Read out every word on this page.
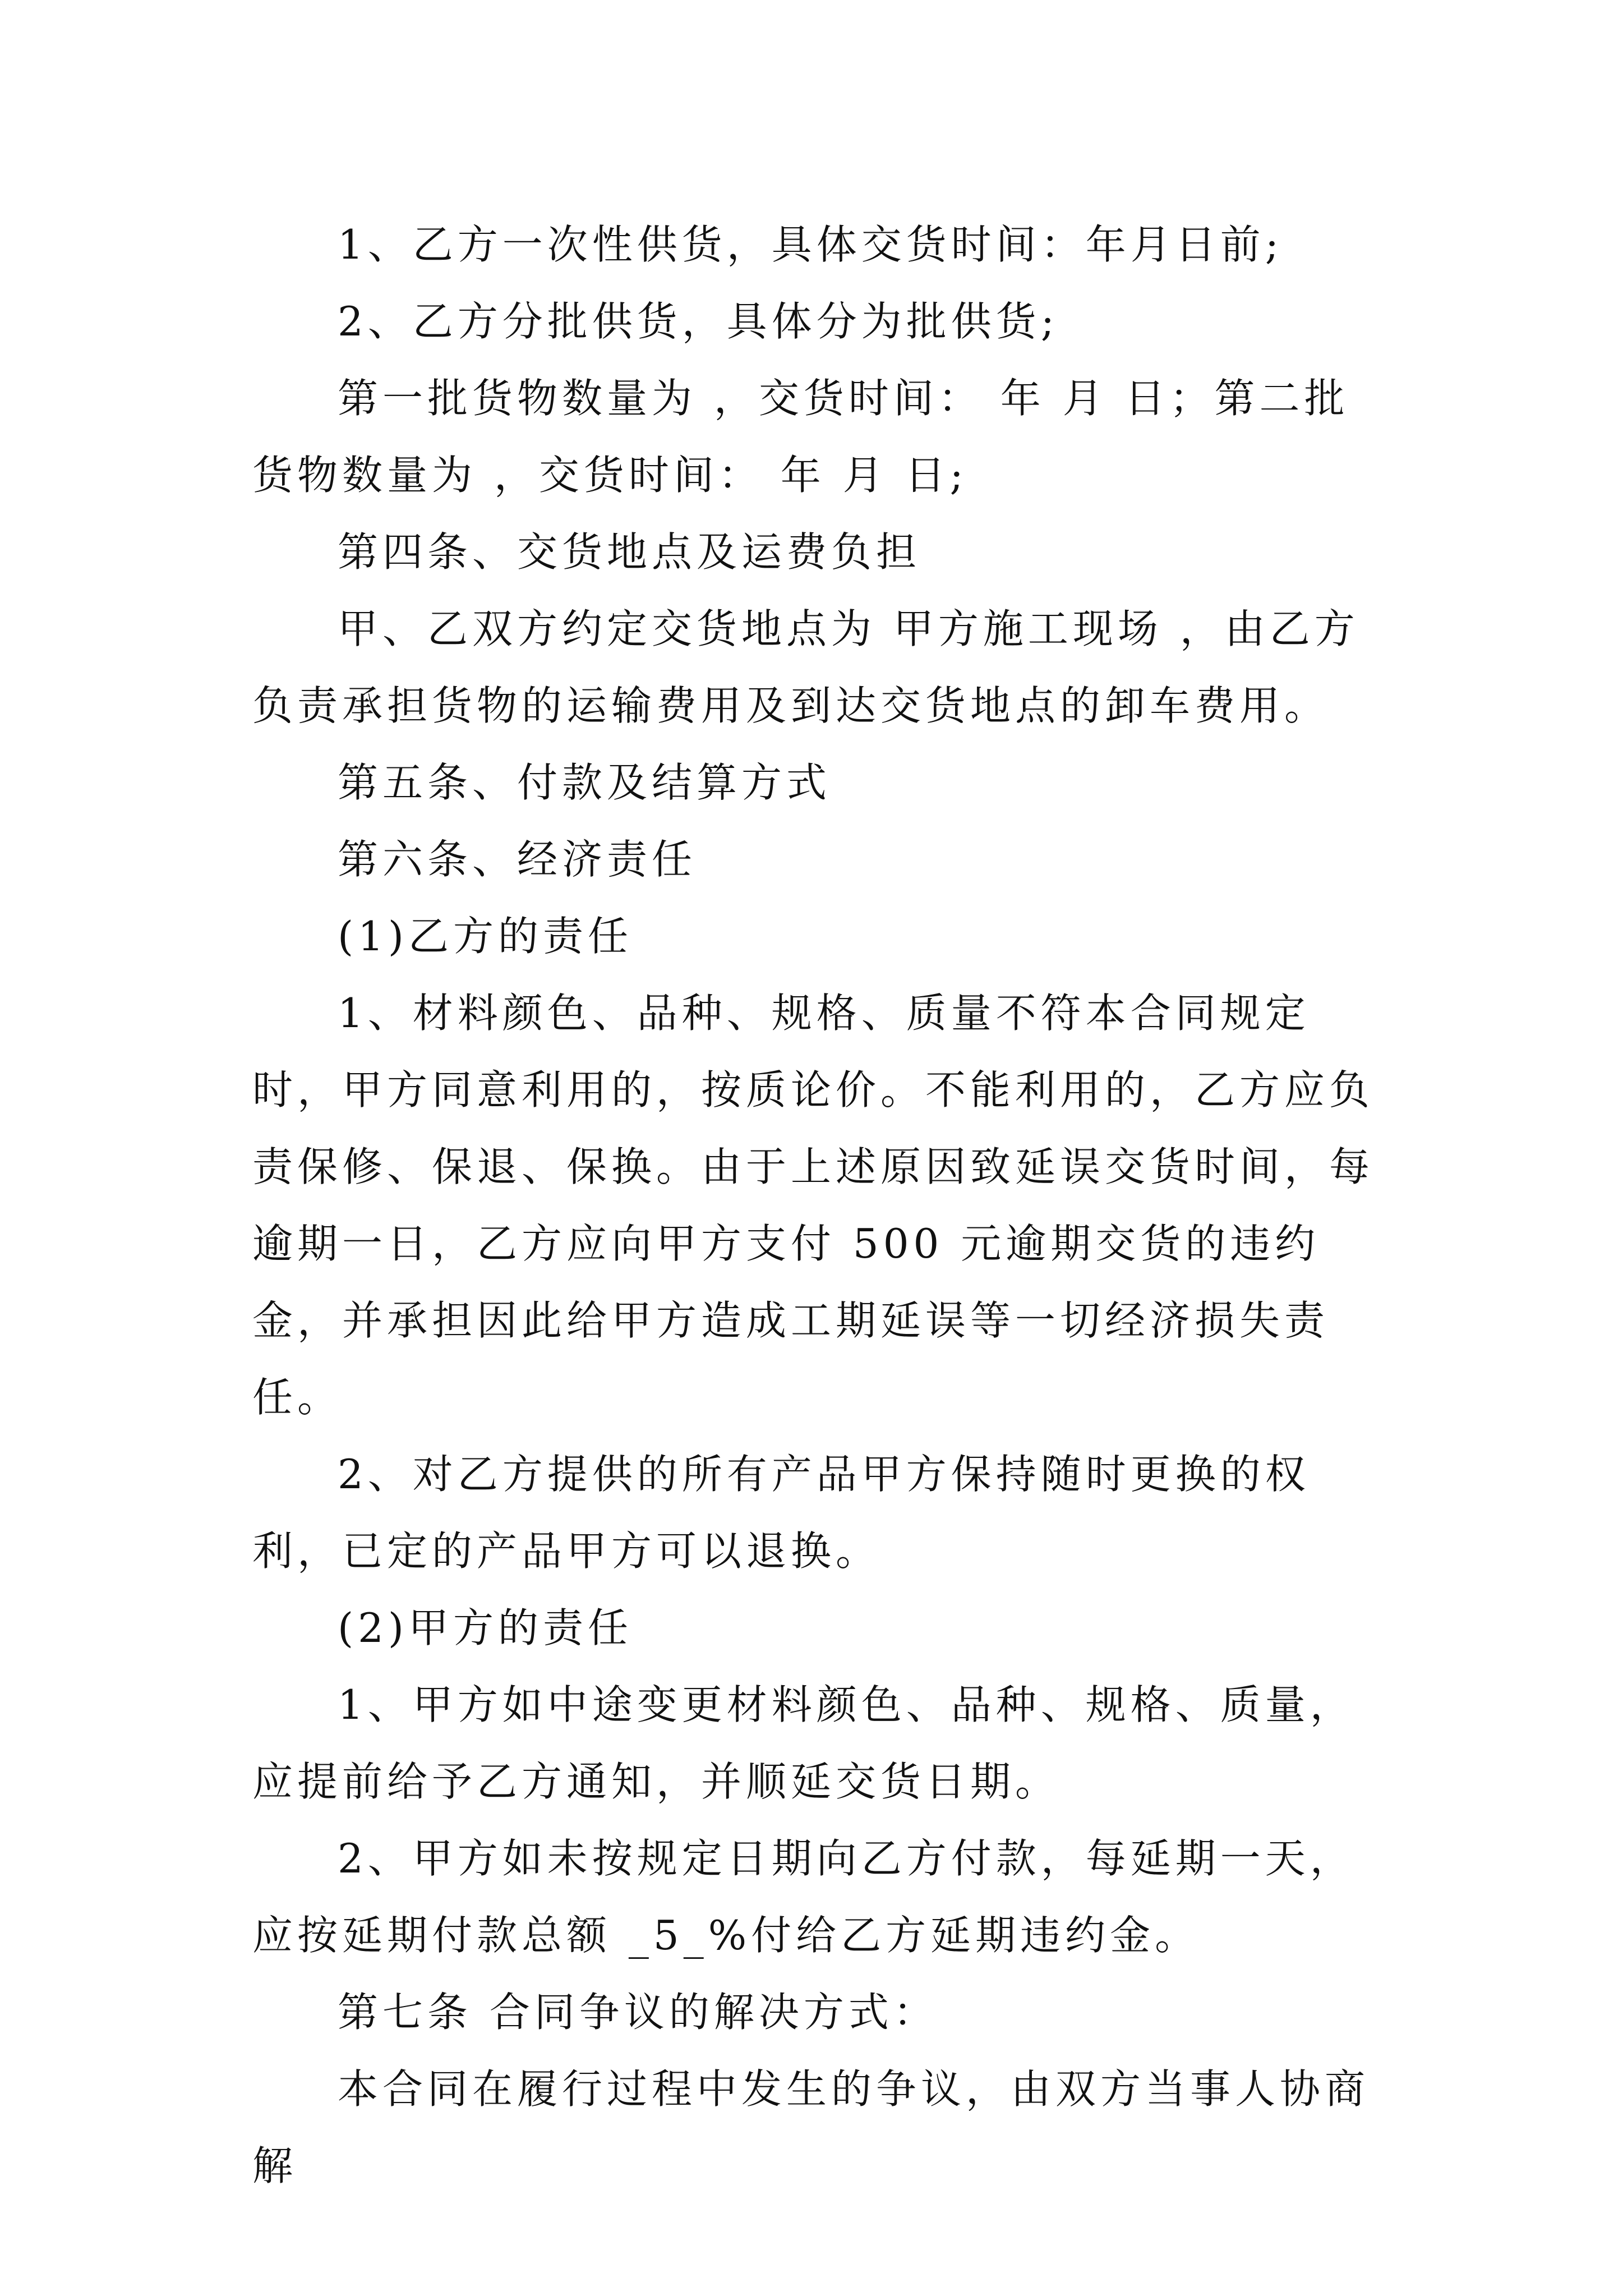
1、乙方一次性供货，具体交货时间：年月日前;

2、乙方分批供货，具体分为批供货;

第一批货物数量为 ，交货时间： 年 月 日；第二批货物数量为 ，交货时间： 年 月 日;

第四条、交货地点及运费负担

甲、乙双方约定交货地点为 甲方施工现场 ，由乙方负责承担货物的运输费用及到达交货地点的卸车费用。

第五条、付款及结算方式

第六条、经济责任

(1)乙方的责任

1、材料颜色、品种、规格、质量不符本合同规定时，甲方同意利用的，按质论价。不能利用的，乙方应负责保修、保退、保换。由于上述原因致延误交货时间，每逾期一日，乙方应向甲方支付 500 元逾期交货的违约金，并承担因此给甲方造成工期延误等一切经济损失责任。

2、对乙方提供的所有产品甲方保持随时更换的权利，已定的产品甲方可以退换。

(2)甲方的责任

1、甲方如中途变更材料颜色、品种、规格、质量，应提前给予乙方通知，并顺延交货日期。

2、甲方如未按规定日期向乙方付款，每延期一天，应按延期付款总额 _5_%付给乙方延期违约金。

第七条 合同争议的解决方式：

本合同在履行过程中发生的争议，由双方当事人协商解
